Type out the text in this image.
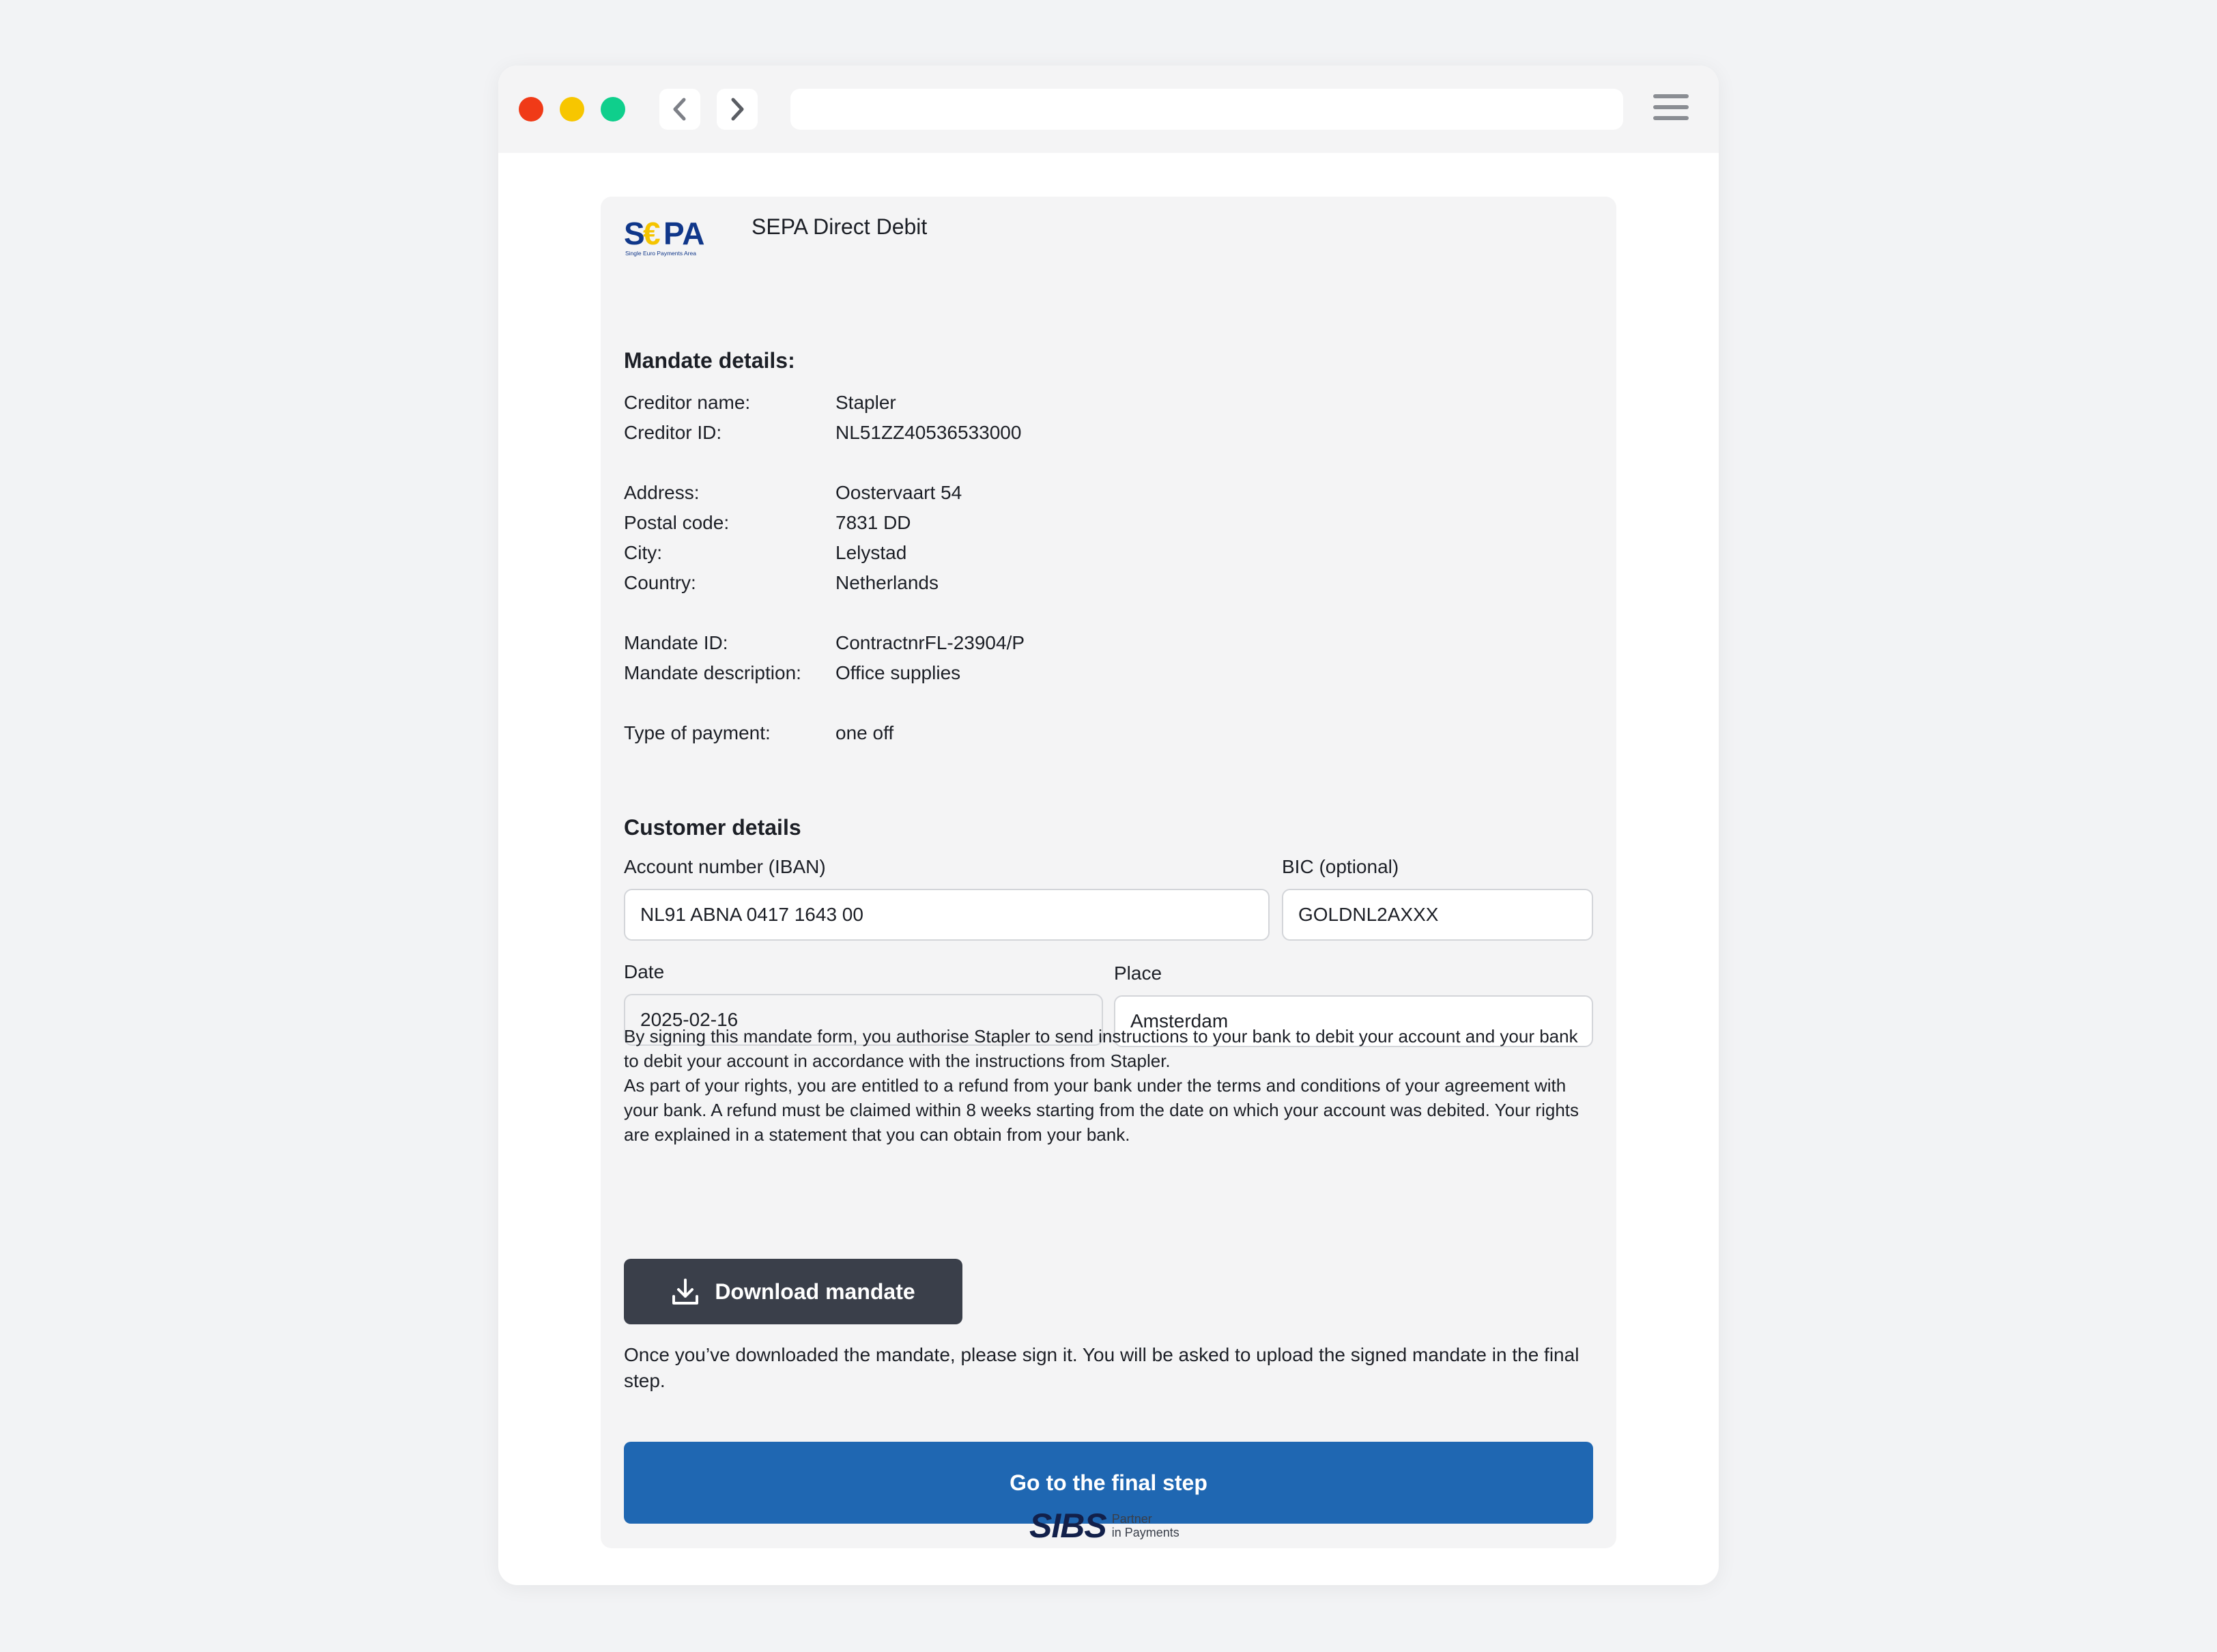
S
€ PA
Single Euro Payments Area
SEPA Direct Debit
Mandate details:
Creditor name:	Stapler
Creditor ID:	NL51ZZ40536533000
Address:	Oostervaart 54
Postal code:	7831 DD
City:	Lelystad
Country:	Netherlands
Mandate ID:	ContractnrFL-23904/P
Mandate description:	Office supplies
Type of payment:	one off
Customer details
Account number (IBAN)
NL91 ABNA 0417 1643 00
BIC (optional)
GOLDNL2AXXX
Date
2025-02-16
Place
Amsterdam

By signing this mandate form, you authorise Stapler to send instructions to your bank to debit your account and your bank to debit your account in accordance with the instructions from Stapler.

As part of your rights, you are entitled to a refund from your bank under the terms and conditions of your agreement with your bank. A refund must be claimed within 8 weeks starting from the date on which your account was debited. Your rights are explained in a statement that you can obtain from your bank.

Download mandate
Once you’ve downloaded the mandate, please sign it. You will be asked to upload the signed mandate in the final step.
Go to the final step
SIBS Partner
in Payments
